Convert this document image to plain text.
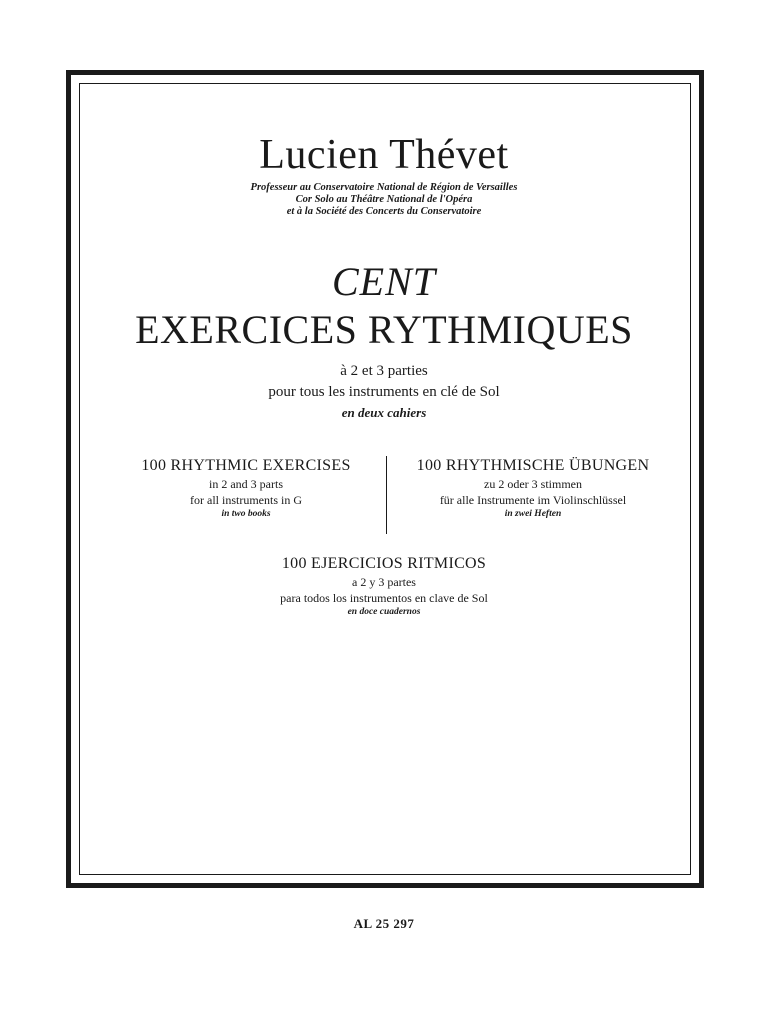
Lucien Thévet
Professeur au Conservatoire National de Région de Versailles
Cor Solo au Théâtre National de l'Opéra
et à la Société des Concerts du Conservatoire
CENT
EXERCICES RYTHMIQUES
à 2 et 3 parties
pour tous les instruments en clé de Sol
en deux cahiers
100 RHYTHMIC EXERCISES
in 2 and 3 parts
for all instruments in G
in two books
100 RHYTHMISCHE ÜBUNGEN
zu 2 oder 3 stimmen
für alle Instrumente im Violinschlüssel
in zwei Heften
100 EJERCICIOS RITMICOS
a 2 y 3 partes
para todos los instrumentos en clave de Sol
en doce cuadernos
AL 25 297
